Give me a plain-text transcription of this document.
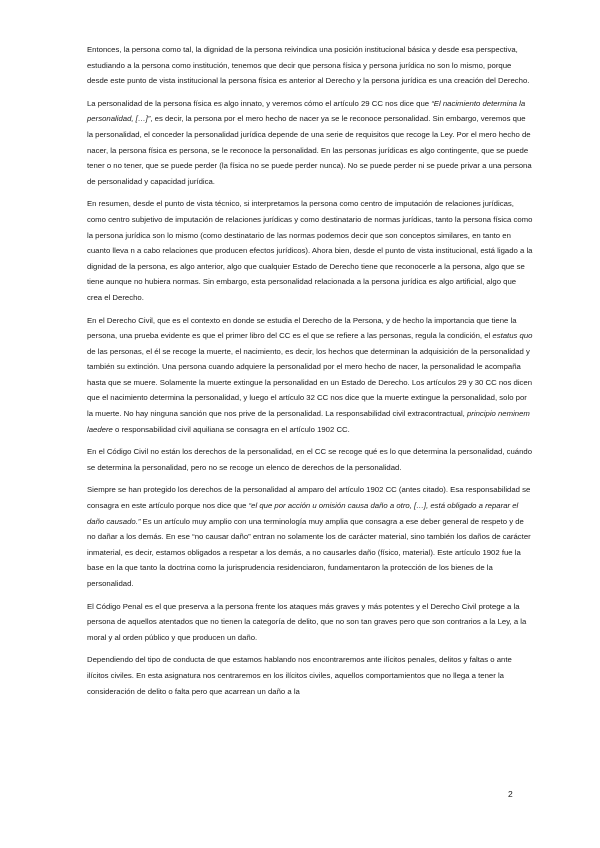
Entonces, la persona como tal, la dignidad de la persona reivindica una posición institucional básica y desde esa perspectiva, estudiando a la persona como institución, tenemos que decir que persona física y persona jurídica no son lo mismo, porque desde este punto de vista institucional la persona física es anterior al Derecho y la persona jurídica es una creación del Derecho.

La personalidad de la persona física es algo innato, y veremos cómo el artículo 29 CC nos dice que “El nacimiento determina la personalidad, […]”, es decir, la persona por el mero hecho de nacer ya se le reconoce personalidad. Sin embargo, veremos que la personalidad, el conceder la personalidad jurídica depende de una serie de requisitos que recoge la Ley. Por el mero hecho de nacer, la persona física es persona, se le reconoce la personalidad. En las personas jurídicas es algo contingente, que se puede tener o no tener, que se puede perder (la física no se puede perder nunca). No se puede perder ni se puede privar a una persona de personalidad y capacidad jurídica.

En resumen, desde el punto de vista técnico, si interpretamos la persona como centro de imputación de relaciones jurídicas, como centro subjetivo de imputación de relaciones jurídicas y como destinatario de normas jurídicas, tanto la persona física como la persona jurídica son lo mismo (como destinatario de las normas podemos decir que son conceptos similares, en tanto en cuanto lleva n a cabo relaciones que producen efectos jurídicos). Ahora bien, desde el punto de vista institucional, está ligado a la dignidad de la persona, es algo anterior, algo que cualquier Estado de Derecho tiene que reconocerle a la persona, algo que se tiene aunque no hubiera normas. Sin embargo, esta personalidad relacionada a la persona jurídica es algo artificial, algo que crea el Derecho.

En el Derecho Civil, que es el contexto en donde se estudia el Derecho de la Persona, y de hecho la importancia que tiene la persona, una prueba evidente es que el primer libro del CC es el que se refiere a las personas, regula la condición, el estatus quo de las personas, el él se recoge la muerte, el nacimiento, es decir, los hechos que determinan la adquisición de la personalidad y también su extinción. Una persona cuando adquiere la personalidad por el mero hecho de nacer, la personalidad le acompaña hasta que se muere. Solamente la muerte extingue la personalidad en un Estado de Derecho. Los artículos 29 y 30 CC nos dicen que el nacimiento determina la personalidad, y luego el artículo 32 CC nos dice que la muerte extingue la personalidad, solo por la muerte. No hay ninguna sanción que nos prive de la personalidad. La responsabilidad civil extracontractual, principio neminem laedere o responsabilidad civil aquiliana se consagra en el artículo 1902 CC.

En el Código Civil no están los derechos de la personalidad, en el CC se recoge qué es lo que determina la personalidad, cuándo se determina la personalidad, pero no se recoge un elenco de derechos de la personalidad.

Siempre se han protegido los derechos de la personalidad al amparo del artículo 1902 CC (antes citado). Esa responsabilidad se consagra en este artículo porque nos dice que “el que por acción u omisión causa daño a otro, […], está obligado a reparar el daño causado.” Es un artículo muy amplio con una terminología muy amplia que consagra a ese deber general de respeto y de no dañar a los demás. En ese “no causar daño” entran no solamente los de carácter material, sino también los daños de carácter inmaterial, es decir, estamos obligados a respetar a los demás, a no causarles daño (físico, material). Este artículo 1902 fue la base en la que tanto la doctrina como la jurisprudencia residenciaron, fundamentaron la protección de los bienes de la personalidad.

El Código Penal es el que preserva a la persona frente los ataques más graves y más potentes y el Derecho Civil protege a la persona de aquellos atentados que no tienen la categoría de delito, que no son tan graves pero que son contrarios a la Ley, a la moral y al orden público y que producen un daño.

Dependiendo del tipo de conducta de que estamos hablando nos encontraremos ante ilícitos penales, delitos y faltas o ante ilícitos civiles. En esta asignatura nos centraremos en los ilícitos civiles, aquellos comportamientos que no llega a tener la consideración de delito o falta pero que acarrean un daño a la

2
